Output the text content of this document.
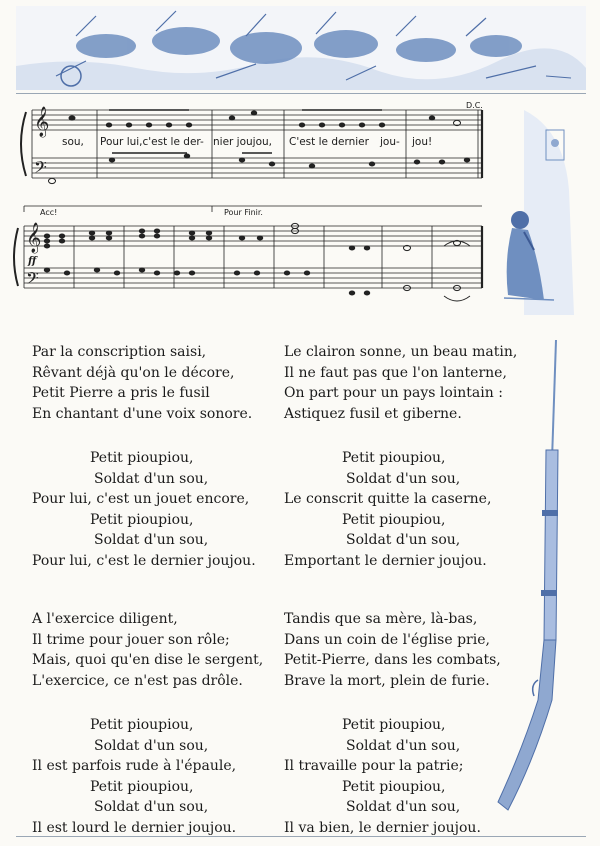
𝄞
𝄢
𝄞
𝄢
sou, Pour lui,c'est le der- nier joujou, C'est le dernier jou- jou!
D.C.
Acc!	Pour Finir.
ff
Par la conscription saisi,
Rêvant déjà qu'on le décore,
Petit Pierre a pris le fusil
En chantant d'une voix sonore.
Petit pioupiou,
Soldat d'un sou,
Pour lui, c'est un jouet encore,
Petit pioupiou,
Soldat d'un sou,
Pour lui, c'est le dernier joujou.
A l'exercice diligent,
Il trime pour jouer son rôle;
Mais, quoi qu'en dise le sergent,
L'exercice, ce n'est pas drôle.
Petit pioupiou,
Soldat d'un sou,
Il est parfois rude à l'épaule,
Petit pioupiou,
Soldat d'un sou,
Il est lourd le dernier joujou.
Le clairon sonne, un beau matin,
Il ne faut pas que l'on lanterne,
On part pour un pays lointain :
Astiquez fusil et giberne.
Petit pioupiou,
Soldat d'un sou,
Le conscrit quitte la caserne,
Petit pioupiou,
Soldat d'un sou,
Emportant le dernier joujou.
Tandis que sa mère, là-bas,
Dans un coin de l'église prie,
Petit-Pierre, dans les combats,
Brave la mort, plein de furie.
Petit pioupiou,
Soldat d'un sou,
Il travaille pour la patrie;
Petit pioupiou,
Soldat d'un sou,
Il va bien, le dernier joujou.
